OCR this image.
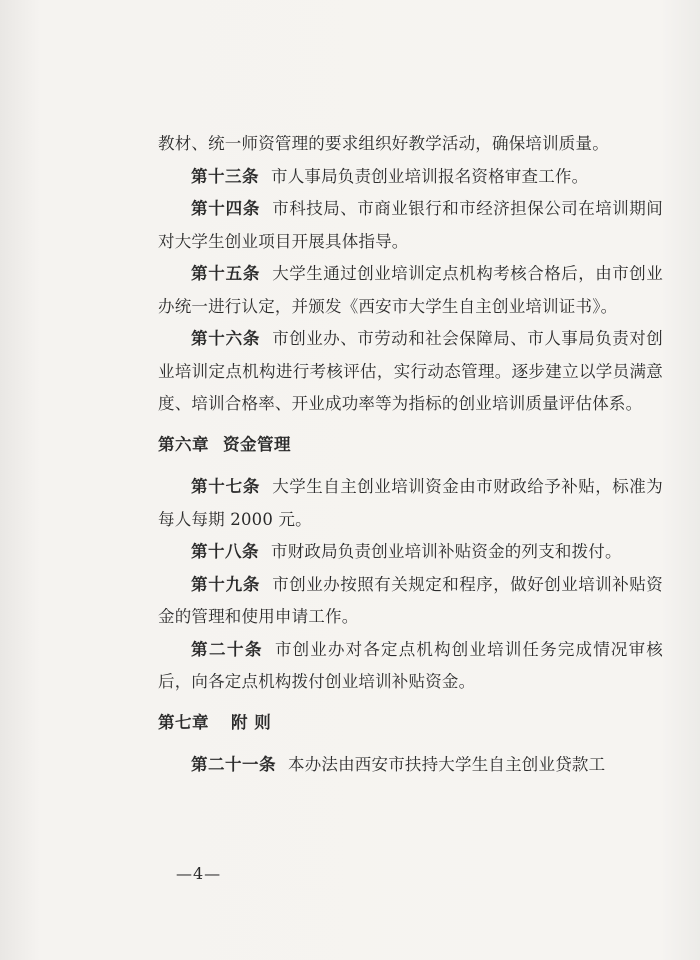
教材、统一师资管理的要求组织好教学活动，确保培训质量。

第十三条 市人事局负责创业培训报名资格审查工作。

第十四条 市科技局、市商业银行和市经济担保公司在培训期间对大学生创业项目开展具体指导。

第十五条 大学生通过创业培训定点机构考核合格后，由市创业办统一进行认定，并颁发《西安市大学生自主创业培训证书》。

第十六条 市创业办、市劳动和社会保障局、市人事局负责对创业培训定点机构进行考核评估，实行动态管理。逐步建立以学员满意度、培训合格率、开业成功率等为指标的创业培训质量评估体系。

第六章 资金管理

第十七条 大学生自主创业培训资金由市财政给予补贴，标准为每人每期 2000 元。

第十八条 市财政局负责创业培训补贴资金的列支和拨付。

第十九条 市创业办按照有关规定和程序，做好创业培训补贴资金的管理和使用申请工作。

第二十条 市创业办对各定点机构创业培训任务完成情况审核后，向各定点机构拨付创业培训补贴资金。

第七章 附 则

第二十一条 本办法由西安市扶持大学生自主创业贷款工

—4—
